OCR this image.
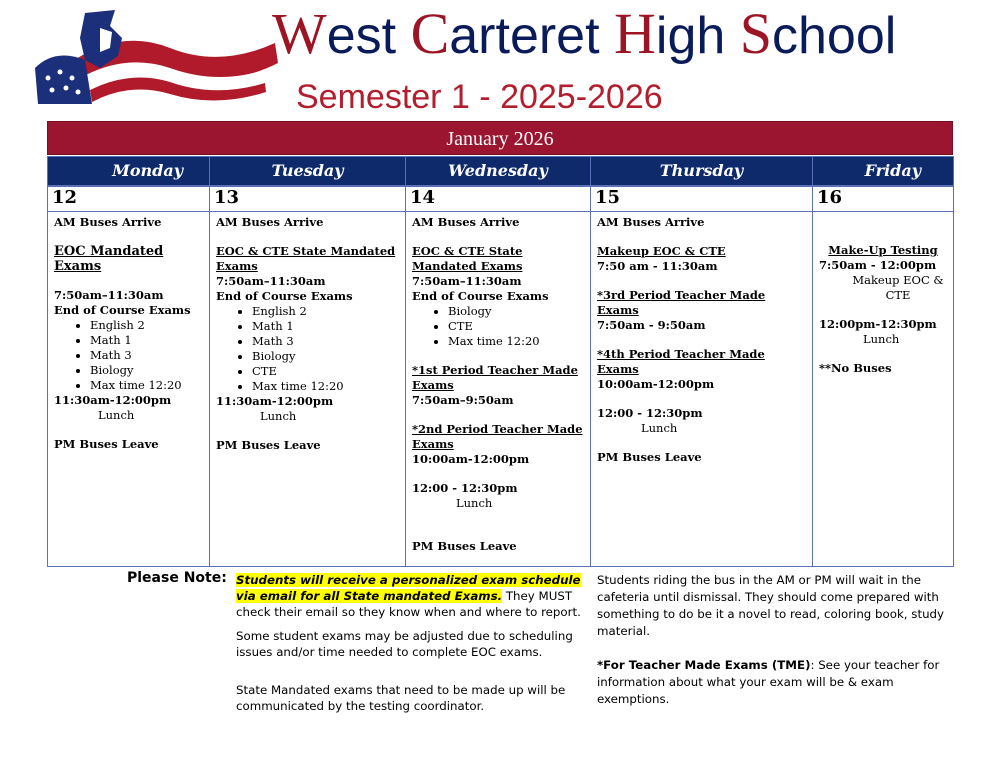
West Carteret High School
Semester 1 - 2025-2026
January 2026
Monday
12
AM Buses Arrive
EOC Mandated Exams
7:50am–11:30am
End of Course Exams
• English 2
• Math 1
• Math 3
• Biology
• Max time 12:20
11:30am-12:00pm
Lunch
PM Buses Leave
Tuesday
13
AM Buses Arrive
EOC & CTE State Mandated Exams
7:50am–11:30am
End of Course Exams
• English 2
• Math 1
• Math 3
• Biology
• CTE
• Max time 12:20
11:30am-12:00pm
Lunch
PM Buses Leave
Wednesday
14
AM Buses Arrive
EOC & CTE State Mandated Exams
7:50am–11:30am
End of Course Exams
• Biology
• CTE
• Max time 12:20
*1st Period Teacher Made Exams
7:50am–9:50am
*2nd Period Teacher Made Exams
10:00am-12:00pm
12:00 - 12:30pm
Lunch
PM Buses Leave
Thursday
15
AM Buses Arrive
Makeup EOC & CTE
7:50 am - 11:30am
*3rd Period Teacher Made Exams
7:50am - 9:50am
*4th Period Teacher Made Exams
10:00am-12:00pm
12:00 - 12:30pm
Lunch
PM Buses Leave
Friday
16
Make-Up Testing
7:50am - 12:00pm
Makeup EOC & CTE
12:00pm-12:30pm
Lunch
**No Buses
Please Note: Students will receive a personalized exam schedule via email for all State mandated Exams. They MUST check their email so they know when and where to report.

Some student exams may be adjusted due to scheduling issues and/or time needed to complete EOC exams.

State Mandated exams that need to be made up will be communicated by the testing coordinator.

Students riding the bus in the AM or PM will wait in the cafeteria until dismissal. They should come prepared with something to do be it a novel to read, coloring book, study material.

*For Teacher Made Exams (TME): See your teacher for information about what your exam will be & exam exemptions.
